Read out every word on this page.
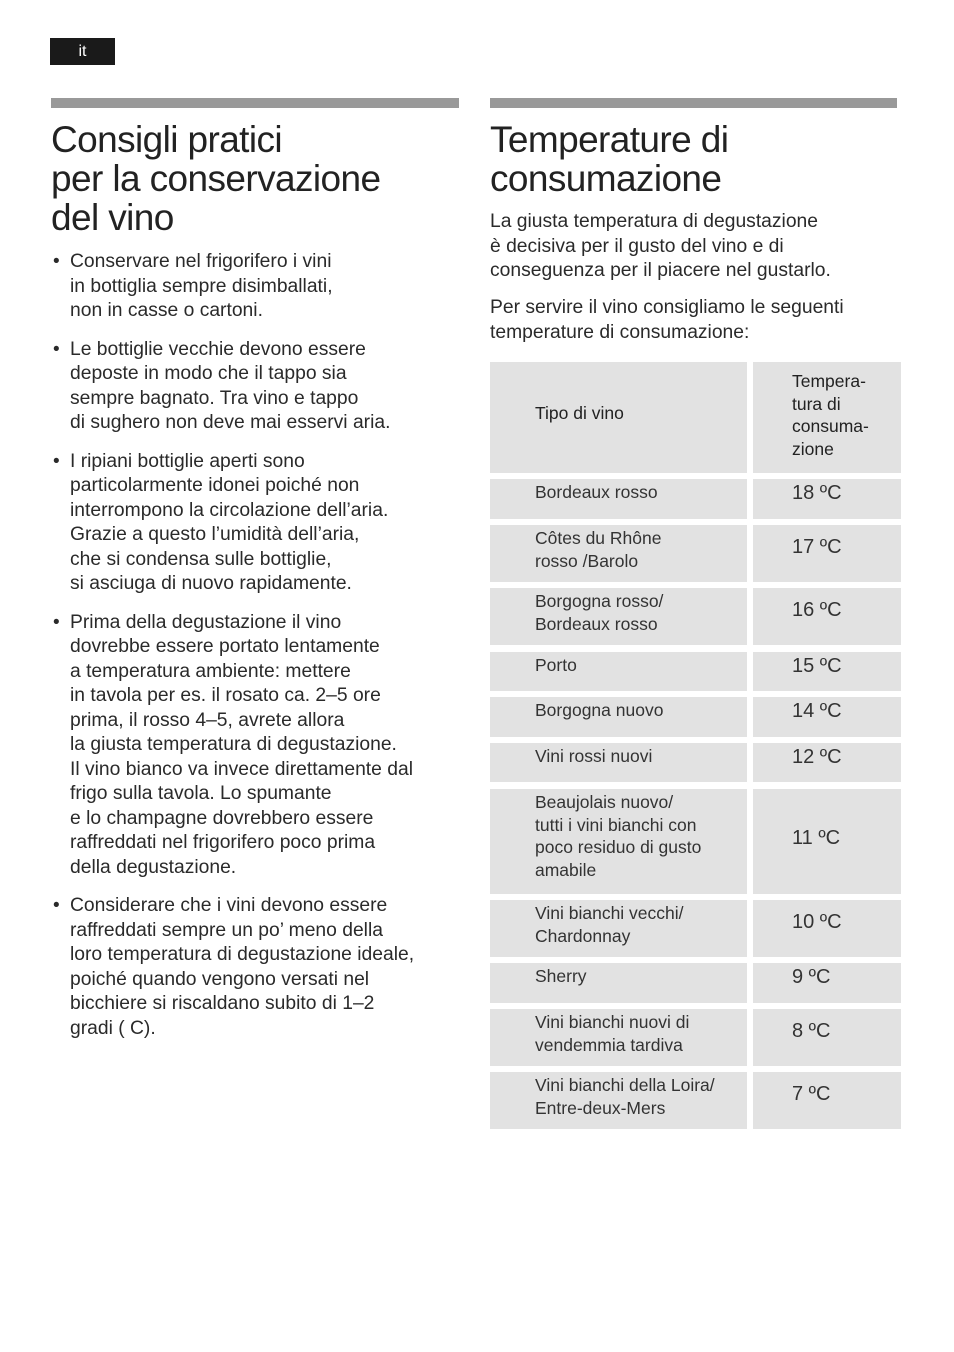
it
Consigli pratici
per la conservazione
del vino
Temperature di
consumazione
• Conservare nel frigorifero i vini
in bottiglia sempre disimballati,
non in casse o cartoni.
• Le bottiglie vecchie devono essere
deposte in modo che il tappo sia
sempre bagnato. Tra vino e tappo
di sughero non deve mai esservi aria.
• I ripiani bottiglie aperti sono
particolarmente idonei poiché non
interrompono la circolazione dell’aria.
Grazie a questo l’umidità dell’aria,
che si condensa sulle bottiglie,
si asciuga di nuovo rapidamente.
• Prima della degustazione il vino
dovrebbe essere portato lentamente
a temperatura ambiente: mettere
in tavola per es. il rosato ca. 2–5 ore
prima, il rosso 4–5, avrete allora
la giusta temperatura di degustazione.
Il vino bianco va invece direttamente dal
frigo sulla tavola. Lo spumante
e lo champagne dovrebbero essere
raffreddati nel frigorifero poco prima
della degustazione.
• Considerare che i vini devono essere
raffreddati sempre un po’ meno della
loro temperatura di degustazione ideale,
poiché quando vengono versati nel
bicchiere si riscaldano subito di 1–2
gradi ( C).
La giusta temperatura di degustazione
è decisiva per il gusto del vino e di
conseguenza per il piacere nel gustarlo.
Per servire il vino consigliamo le seguenti
temperature di consumazione:
Tipo di vino
Tempera-
tura di
consuma-
zione
Bordeaux rosso	18 ºC
Côtes du Rhône
rosso /Barolo
17 ºC
Borgogna rosso/
Bordeaux rosso
16 ºC
Porto	15 ºC
Borgogna nuovo	14 ºC
Vini rossi nuovi	12 ºC
Beaujolais nuovo/
tutti i vini bianchi con
poco residuo di gusto
amabile
11 ºC
Vini bianchi vecchi/
Chardonnay
10 ºC
Sherry	9 ºC
Vini bianchi nuovi di
vendemmia tardiva
8 ºC
Vini bianchi della Loira/
Entre-deux-Mers
7 ºC
